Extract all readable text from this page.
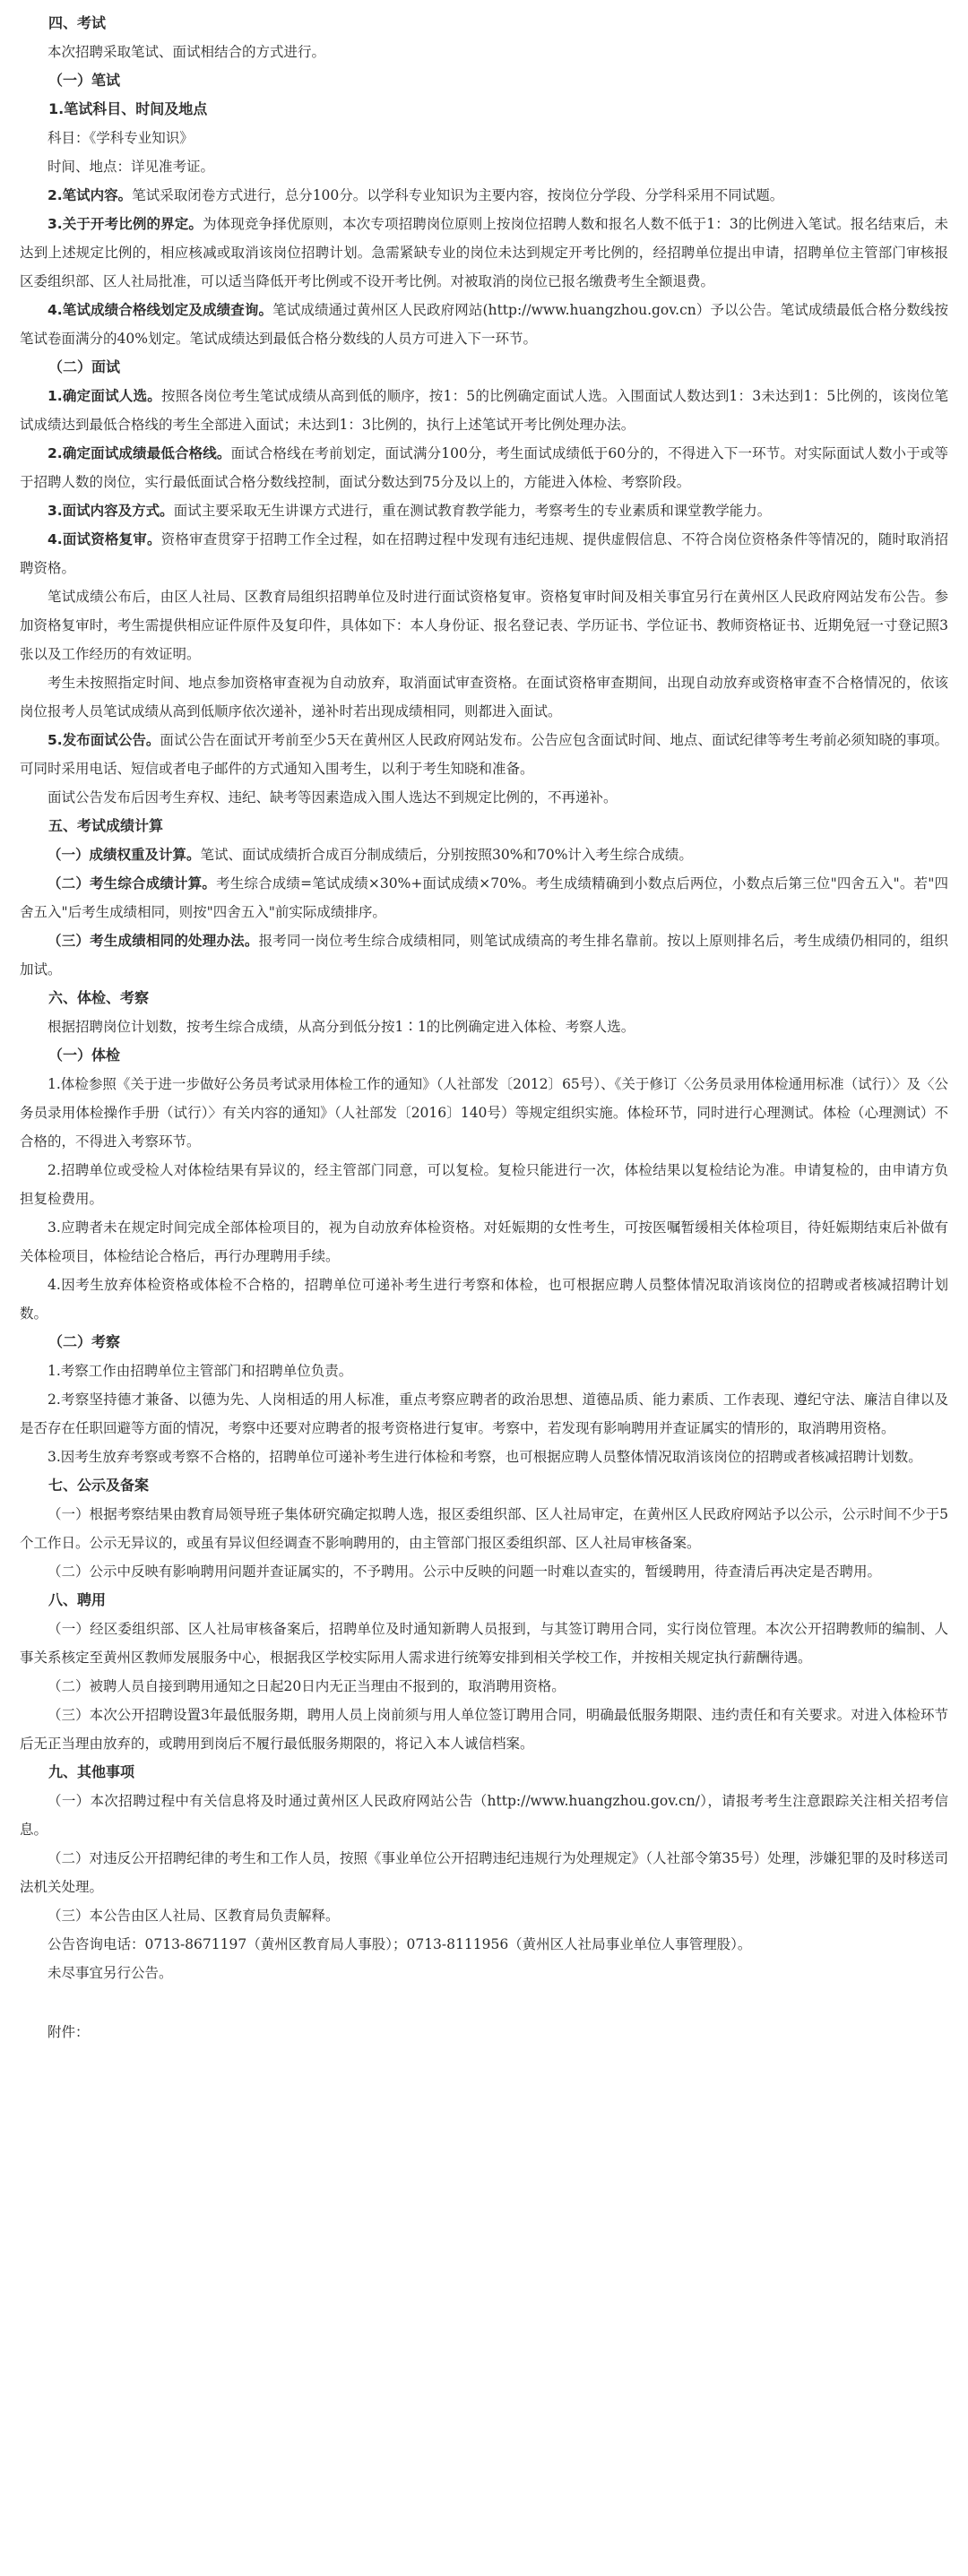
四、考试
本次招聘采取笔试、面试相结合的方式进行。
（一）笔试
1.笔试科目、时间及地点
科目：《学科专业知识》
时间、地点：详见准考证。
2.笔试内容。笔试采取闭卷方式进行，总分100分。以学科专业知识为主要内容，按岗位分学段、分学科采用不同试题。
3.关于开考比例的界定。为体现竞争择优原则，本次专项招聘岗位原则上按岗位招聘人数和报名人数不低于1：3的比例进入笔试。报名结束后，未达到上述规定比例的，相应核减或取消该岗位招聘计划。急需紧缺专业的岗位未达到规定开考比例的，经招聘单位提出申请，招聘单位主管部门审核报区委组织部、区人社局批准，可以适当降低开考比例或不设开考比例。对被取消的岗位已报名缴费考生全额退费。
4.笔试成绩合格线划定及成绩查询。笔试成绩通过黄州区人民政府网站(http://www.huangzhou.gov.cn）予以公告。笔试成绩最低合格分数线按笔试卷面满分的40%划定。笔试成绩达到最低合格分数线的人员方可进入下一环节。
（二）面试
1.确定面试人选。按照各岗位考生笔试成绩从高到低的顺序，按1：5的比例确定面试人选。入围面试人数达到1：3未达到1：5比例的，该岗位笔试成绩达到最低合格线的考生全部进入面试；未达到1：3比例的，执行上述笔试开考比例处理办法。
2.确定面试成绩最低合格线。面试合格线在考前划定，面试满分100分，考生面试成绩低于60分的，不得进入下一环节。对实际面试人数小于或等于招聘人数的岗位，实行最低面试合格分数线控制，面试分数达到75分及以上的，方能进入体检、考察阶段。
3.面试内容及方式。面试主要采取无生讲课方式进行，重在测试教育教学能力，考察考生的专业素质和课堂教学能力。
4.面试资格复审。资格审查贯穿于招聘工作全过程，如在招聘过程中发现有违纪违规、提供虚假信息、不符合岗位资格条件等情况的，随时取消招聘资格。
笔试成绩公布后，由区人社局、区教育局组织招聘单位及时进行面试资格复审。资格复审时间及相关事宜另行在黄州区人民政府网站发布公告。参加资格复审时，考生需提供相应证件原件及复印件，具体如下：本人身份证、报名登记表、学历证书、学位证书、教师资格证书、近期免冠一寸登记照3张以及工作经历的有效证明。
考生未按照指定时间、地点参加资格审查视为自动放弃，取消面试审查资格。在面试资格审查期间，出现自动放弃或资格审查不合格情况的，依该岗位报考人员笔试成绩从高到低顺序依次递补，递补时若出现成绩相同，则都进入面试。
5.发布面试公告。面试公告在面试开考前至少5天在黄州区人民政府网站发布。公告应包含面试时间、地点、面试纪律等考生考前必须知晓的事项。可同时采用电话、短信或者电子邮件的方式通知入围考生，以利于考生知晓和准备。
面试公告发布后因考生弃权、违纪、缺考等因素造成入围人选达不到规定比例的，不再递补。
五、考试成绩计算
（一）成绩权重及计算。笔试、面试成绩折合成百分制成绩后，分别按照30%和70%计入考生综合成绩。
（二）考生综合成绩计算。考生综合成绩=笔试成绩×30%+面试成绩×70%。考生成绩精确到小数点后两位，小数点后第三位"四舍五入"。若"四舍五入"后考生成绩相同，则按"四舍五入"前实际成绩排序。
（三）考生成绩相同的处理办法。报考同一岗位考生综合成绩相同，则笔试成绩高的考生排名靠前。按以上原则排名后，考生成绩仍相同的，组织加试。
六、体检、考察
根据招聘岗位计划数，按考生综合成绩，从高分到低分按1∶1的比例确定进入体检、考察人选。
（一）体检
1.体检参照《关于进一步做好公务员考试录用体检工作的通知》（人社部发〔2012〕65号）、《关于修订〈公务员录用体检通用标准（试行）〉及〈公务员录用体检操作手册（试行）〉有关内容的通知》（人社部发〔2016〕140号）等规定组织实施。体检环节，同时进行心理测试。体检（心理测试）不合格的，不得进入考察环节。
2.招聘单位或受检人对体检结果有异议的，经主管部门同意，可以复检。复检只能进行一次，体检结果以复检结论为准。申请复检的，由申请方负担复检费用。
3.应聘者未在规定时间完成全部体检项目的，视为自动放弃体检资格。对妊娠期的女性考生，可按医嘱暂缓相关体检项目，待妊娠期结束后补做有关体检项目，体检结论合格后，再行办理聘用手续。
4.因考生放弃体检资格或体检不合格的，招聘单位可递补考生进行考察和体检，也可根据应聘人员整体情况取消该岗位的招聘或者核减招聘计划数。
（二）考察
1.考察工作由招聘单位主管部门和招聘单位负责。
2.考察坚持德才兼备、以德为先、人岗相适的用人标准，重点考察应聘者的政治思想、道德品质、能力素质、工作表现、遵纪守法、廉洁自律以及是否存在任职回避等方面的情况，考察中还要对应聘者的报考资格进行复审。考察中，若发现有影响聘用并查证属实的情形的，取消聘用资格。
3.因考生放弃考察或考察不合格的，招聘单位可递补考生进行体检和考察，也可根据应聘人员整体情况取消该岗位的招聘或者核减招聘计划数。
七、公示及备案
（一）根据考察结果由教育局领导班子集体研究确定拟聘人选，报区委组织部、区人社局审定，在黄州区人民政府网站予以公示，公示时间不少于5个工作日。公示无异议的，或虽有异议但经调查不影响聘用的，由主管部门报区委组织部、区人社局审核备案。
（二）公示中反映有影响聘用问题并查证属实的，不予聘用。公示中反映的问题一时难以查实的，暂缓聘用，待查清后再决定是否聘用。
八、聘用
（一）经区委组织部、区人社局审核备案后，招聘单位及时通知新聘人员报到，与其签订聘用合同，实行岗位管理。本次公开招聘教师的编制、人事关系核定至黄州区教师发展服务中心，根据我区学校实际用人需求进行统筹安排到相关学校工作，并按相关规定执行薪酬待遇。
（二）被聘人员自接到聘用通知之日起20日内无正当理由不报到的，取消聘用资格。
（三）本次公开招聘设置3年最低服务期，聘用人员上岗前须与用人单位签订聘用合同，明确最低服务期限、违约责任和有关要求。对进入体检环节后无正当理由放弃的，或聘用到岗后不履行最低服务期限的，将记入本人诚信档案。
九、其他事项
（一）本次招聘过程中有关信息将及时通过黄州区人民政府网站公告（http://www.huangzhou.gov.cn/），请报考考生注意跟踪关注相关招考信息。
（二）对违反公开招聘纪律的考生和工作人员，按照《事业单位公开招聘违纪违规行为处理规定》（人社部令第35号）处理，涉嫌犯罪的及时移送司法机关处理。
（三）本公告由区人社局、区教育局负责解释。
公告咨询电话：0713-8671197（黄州区教育局人事股）；0713-8111956（黄州区人社局事业单位人事管理股）。
未尽事宜另行公告。
附件：
